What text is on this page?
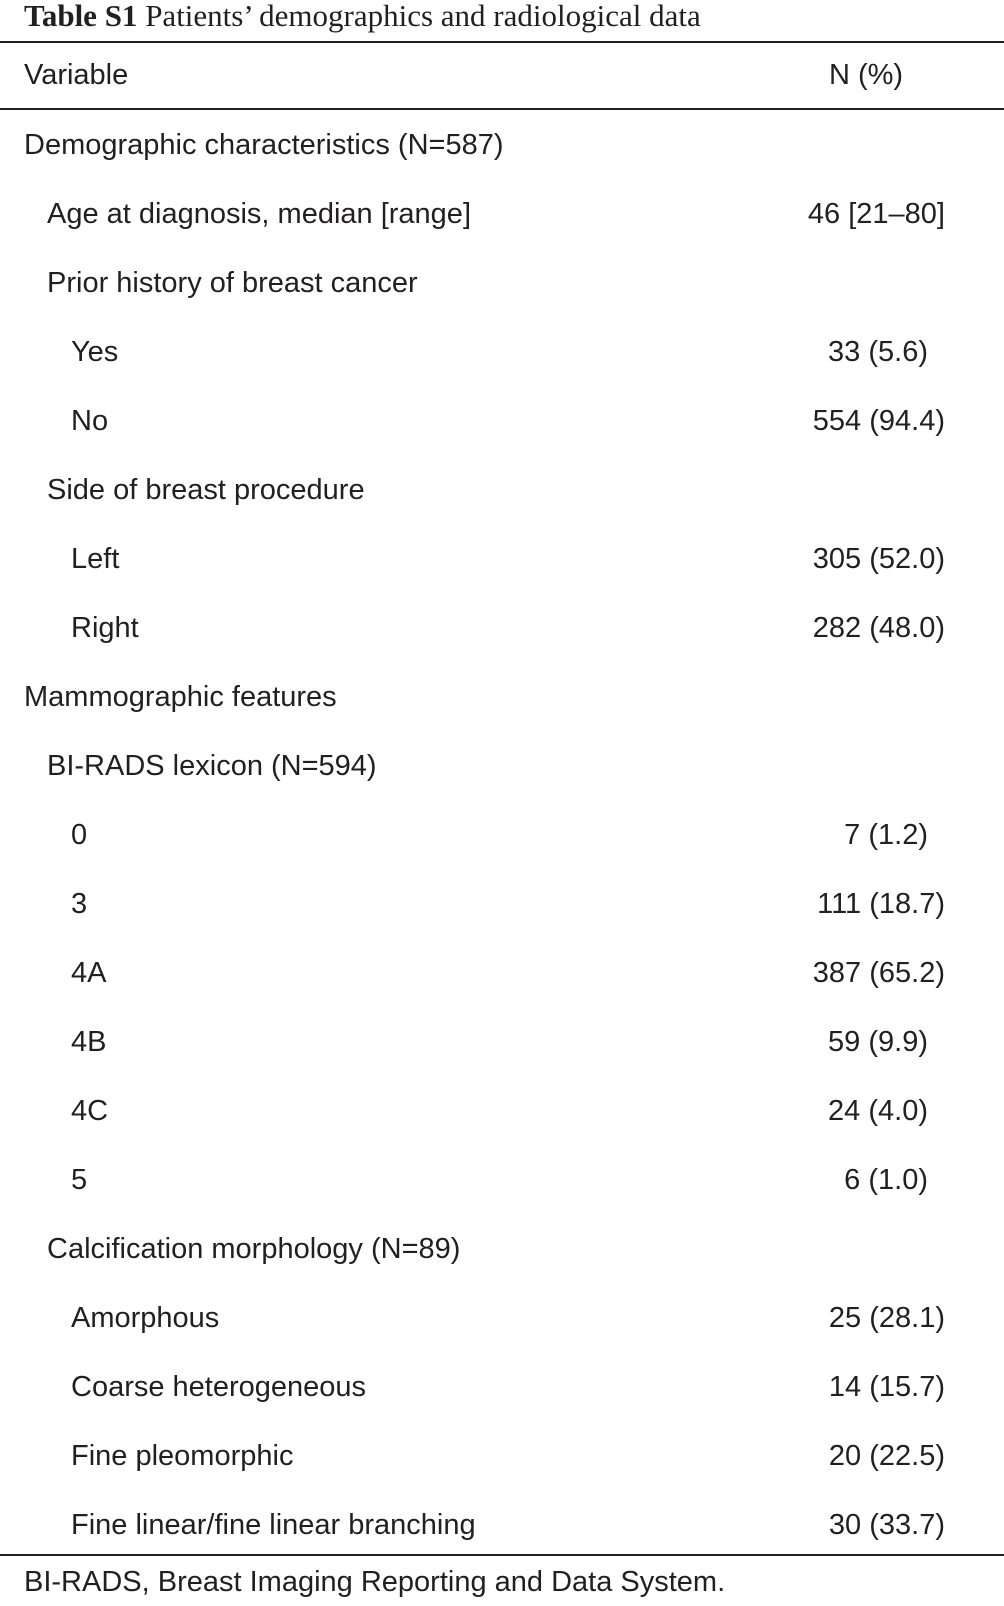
Table S1 Patients’ demographics and radiological data
Variable	N (%)
Demographic characteristics (N=587)
Age at diagnosis, median [range]	46 [21–80]
Prior history of breast cancer
Yes	33 (5.6)
No	554 (94.4)
Side of breast procedure
Left	305 (52.0)
Right	282 (48.0)
Mammographic features
BI-RADS lexicon (N=594)
0	7 (1.2)
3	111 (18.7)
4A	387 (65.2)
4B	59 (9.9)
4C	24 (4.0)
5	6 (1.0)
Calcification morphology (N=89)
Amorphous	25 (28.1)
Coarse heterogeneous	14 (15.7)
Fine pleomorphic	20 (22.5)
Fine linear/fine linear branching	30 (33.7)
BI-RADS, Breast Imaging Reporting and Data System.
